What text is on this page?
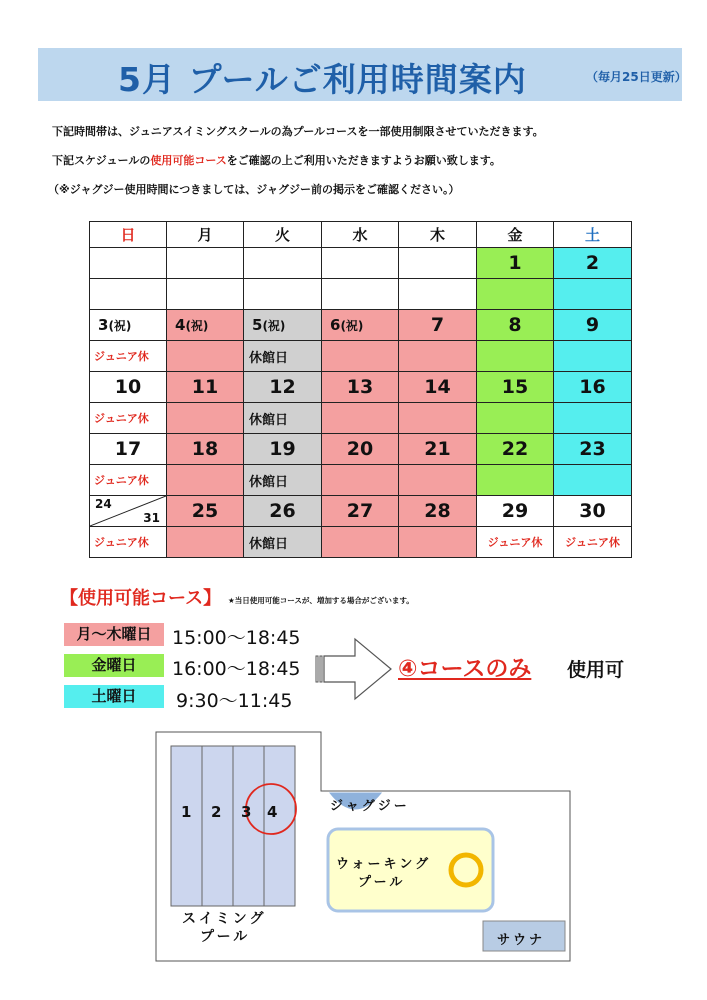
5月 プールご利用時間案内	（毎月25日更新）
下記時間帯は、ジュニアスイミングスクールの為プールコースを一部使用制限させていただきます。
下記スケジュールの使用可能コースをご確認の上ご利用いただきますようお願い致します。
（※ジャグジー使用時間につきましては、ジャグジー前の掲示をご確認ください。）
日	月	火	水	木	金	土
					1	2

3(祝)	4(祝)	5(祝)	6(祝)	7	8	9
ジュニア休		休館日				
10	11	12	13	14	15	16
ジュニア休		休館日				
17	18	19	20	21	22	23
ジュニア休		休館日				

24
31	25	26	27	28	29	30
ジュニア休		休館日			ジュニア休	ジュニア休
【使用可能コース】 ★当日使用可能コースが、増加する場合がございます。
月～木曜日	15:00～18:45
金曜日	16:00～18:45
土曜日	9:30～11:45
④コースのみ 使用可
1 2 3 4
スイミング
プール
ジャグジー
ウォーキング
プール
サウナ
